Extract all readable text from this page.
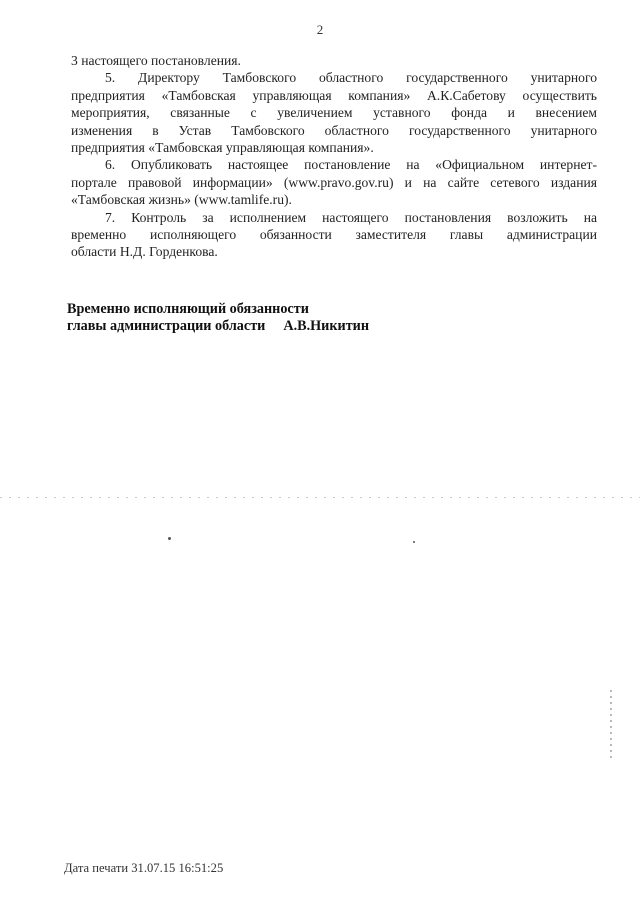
2
3 настоящего постановления.
5. Директору Тамбовского областного государственного унитарного
предприятия «Тамбовская управляющая компания» А.К.Сабетову осуществить
мероприятия, связанные с увеличением уставного фонда и внесением
изменения в Устав Тамбовского областного государственного унитарного
предприятия «Тамбовская управляющая компания».
6. Опубликовать настоящее постановление на «Официальном интернет-
портале правовой информации» (www.pravo.gov.ru) и на сайте сетевого издания
«Тамбовская жизнь» (www.tamlife.ru).
7. Контроль за исполнением настоящего постановления возложить на
временно исполняющего обязанности заместителя главы администрации
области Н.Д. Горденкова.
Временно исполняющий обязанности
главы администрации области А.В.Никитин
Дата печати 31.07.15 16:51:25
